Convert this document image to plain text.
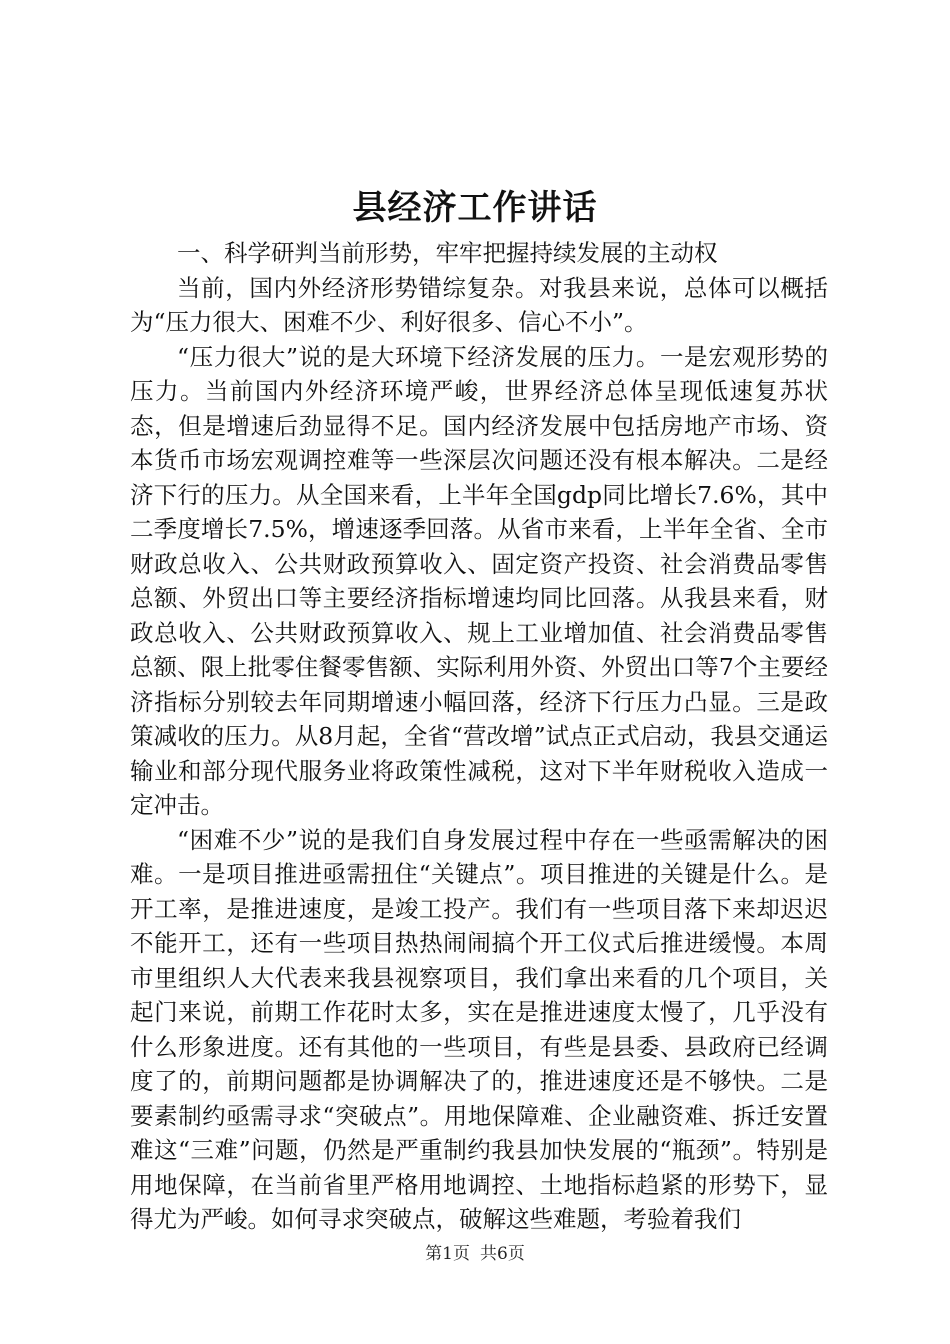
县经济工作讲话

一、科学研判当前形势，牢牢把握持续发展的主动权

当前，国内外经济形势错综复杂。对我县来说，总体可以概括为“压力很大、困难不少、利好很多、信心不小”。

“压力很大”说的是大环境下经济发展的压力。一是宏观形势的压力。当前国内外经济环境严峻，世界经济总体呈现低速复苏状态，但是增速后劲显得不足。国内经济发展中包括房地产市场、资本货币市场宏观调控难等一些深层次问题还没有根本解决。二是经济下行的压力。从全国来看，上半年全国gdp同比增长7.6%，其中二季度增长7.5%，增速逐季回落。从省市来看，上半年全省、全市财政总收入、公共财政预算收入、固定资产投资、社会消费品零售总额、外贸出口等主要经济指标增速均同比回落。从我县来看，财政总收入、公共财政预算收入、规上工业增加值、社会消费品零售总额、限上批零住餐零售额、实际利用外资、外贸出口等7个主要经济指标分别较去年同期增速小幅回落，经济下行压力凸显。三是政策减收的压力。从8月起，全省“营改增”试点正式启动，我县交通运输业和部分现代服务业将政策性减税，这对下半年财税收入造成一定冲击。

“困难不少”说的是我们自身发展过程中存在一些亟需解决的困难。一是项目推进亟需扭住“关键点”。项目推进的关键是什么。是开工率，是推进速度，是竣工投产。我们有一些项目落下来却迟迟不能开工，还有一些项目热热闹闹搞个开工仪式后推进缓慢。本周市里组织人大代表来我县视察项目，我们拿出来看的几个项目，关起门来说，前期工作花时太多，实在是推进速度太慢了，几乎没有什么形象进度。还有其他的一些项目，有些是县委、县政府已经调度了的，前期问题都是协调解决了的，推进速度还是不够快。二是要素制约亟需寻求“突破点”。用地保障难、企业融资难、拆迁安置难这“三难”问题，仍然是严重制约我县加快发展的“瓶颈”。特别是用地保障，在当前省里严格用地调控、土地指标趋紧的形势下，显得尤为严峻。如何寻求突破点，破解这些难题，考验着我们

第1页 共6页
